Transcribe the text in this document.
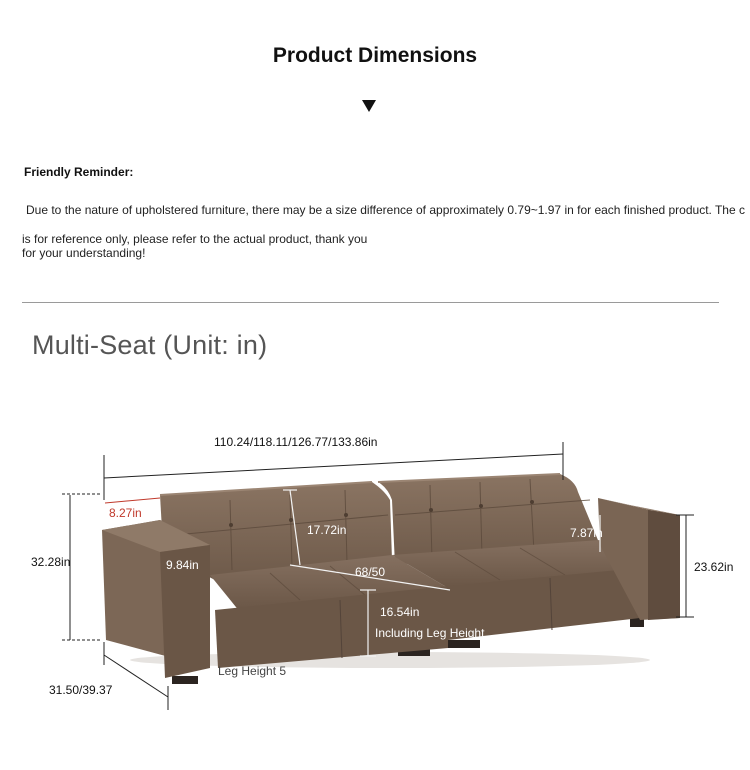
Product Dimensions
Friendly Reminder:
Due to the nature of upholstered furniture, there may be a size difference of approximately 0.79~1.97 in for each finished product. The c
is for reference only, please refer to the actual product, thank you for your understanding!
Multi-Seat (Unit: in)
110.24/118.11/126.77/133.86in
8.27in
32.28in	9.84in
17.72in	7.87in
68/50	23.62in
16.54in
Including Leg Height
31.50/39.37
Leg Height 5
